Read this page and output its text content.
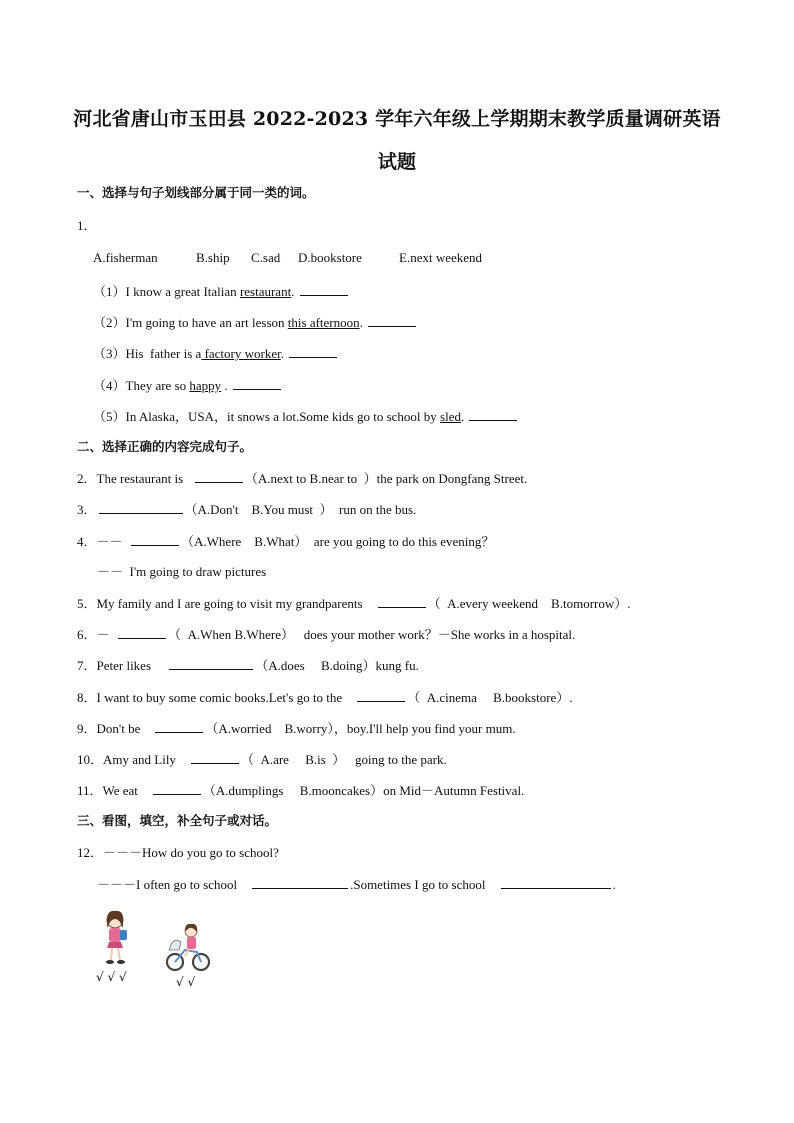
河北省唐山市玉田县 2022-2023 学年六年级上学期期末教学质量调研英语
试题
一、选择与句子划线部分属于同一类的词。
1．
A.fisherman	B.ship C.sad D.bookstore	E.next weekend
（1）I know a great Italian restaurant.
（2）I'm going to have an art lesson this afternoon.
（3）His  father is a factory worker.
（4）They are so happy .
（5）In Alaska，USA，it snows a lot.Some kids go to school by sled.
二、选择正确的内容完成句子。
2．The restaurant is	（A.next to B.near to  ）the park on Dongfang Street.
3．	（A.Don't    B.You must  ）  run on the bus.
4．－－	（A.Where    B.What）  are you going to do this evening？
－－  I'm going to draw pictures
5．My family and I are going to visit my grandparents	（  A.every weekend    B.tomorrow）.
6．－	（  A.When B.Where）   does your mother work？－She works in a hospital.
7．Peter likes	（A.does     B.doing）kung fu.
8．I want to buy some comic books.Let's go to the	（  A.cinema     B.bookstore）.
9．Don't be	（A.worried    B.worry），boy.I'll help you find your mum.
10．Amy and Lily	（  A.are     B.is  ）   going to the park.
11．We eat	（A.dumplings     B.mooncakes）on Mid－Autumn Festival.
三、看图，填空，补全句子或对话。
12．－－－How do you go to school?
－－－I often go to school	.Sometimes I go to school	.
√ √ √	√ √
